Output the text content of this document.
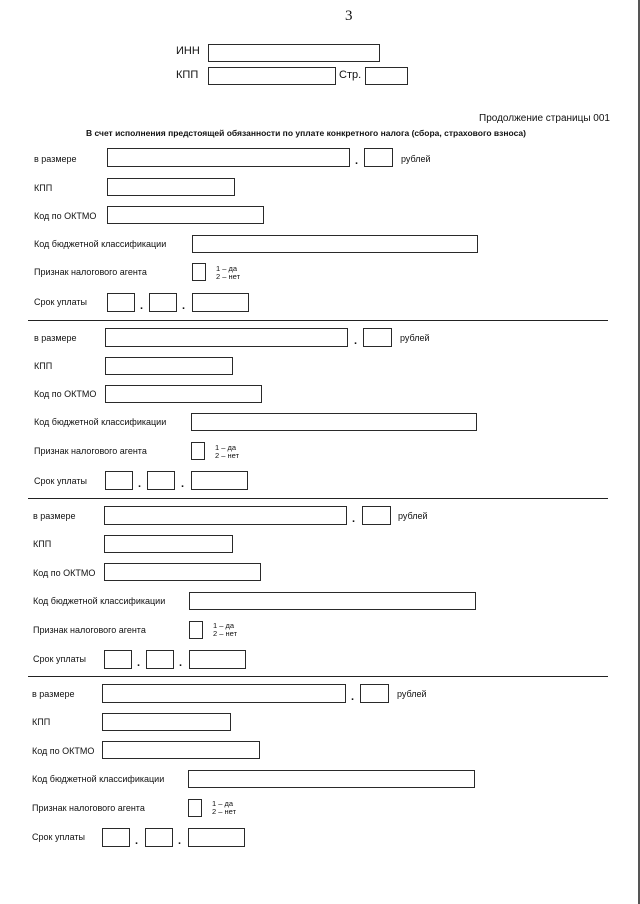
3
ИНН
КПП	Стр.
Продолжение страницы 001
В счет исполнения предстоящей обязанности по уплате конкретного налога (сбора, страхового взноса)
в размере	.	рублей
КПП
Код по ОКТМО
Код бюджетной классификации
Признак налогового агента	1 – да
2 – нет
Срок уплаты	.	.
в размере	.	рублей
КПП
Код по ОКТМО
Код бюджетной классификации
Признак налогового агента	1 – да
2 – нет
Срок уплаты	.	.
в размере	.	рублей
КПП
Код по ОКТМО
Код бюджетной классификации
Признак налогового агента	1 – да
2 – нет
Срок уплаты	.	.
в размере	.	рублей
КПП
Код по ОКТМО
Код бюджетной классификации
Признак налогового агента	1 – да
2 – нет
Срок уплаты	.	.
